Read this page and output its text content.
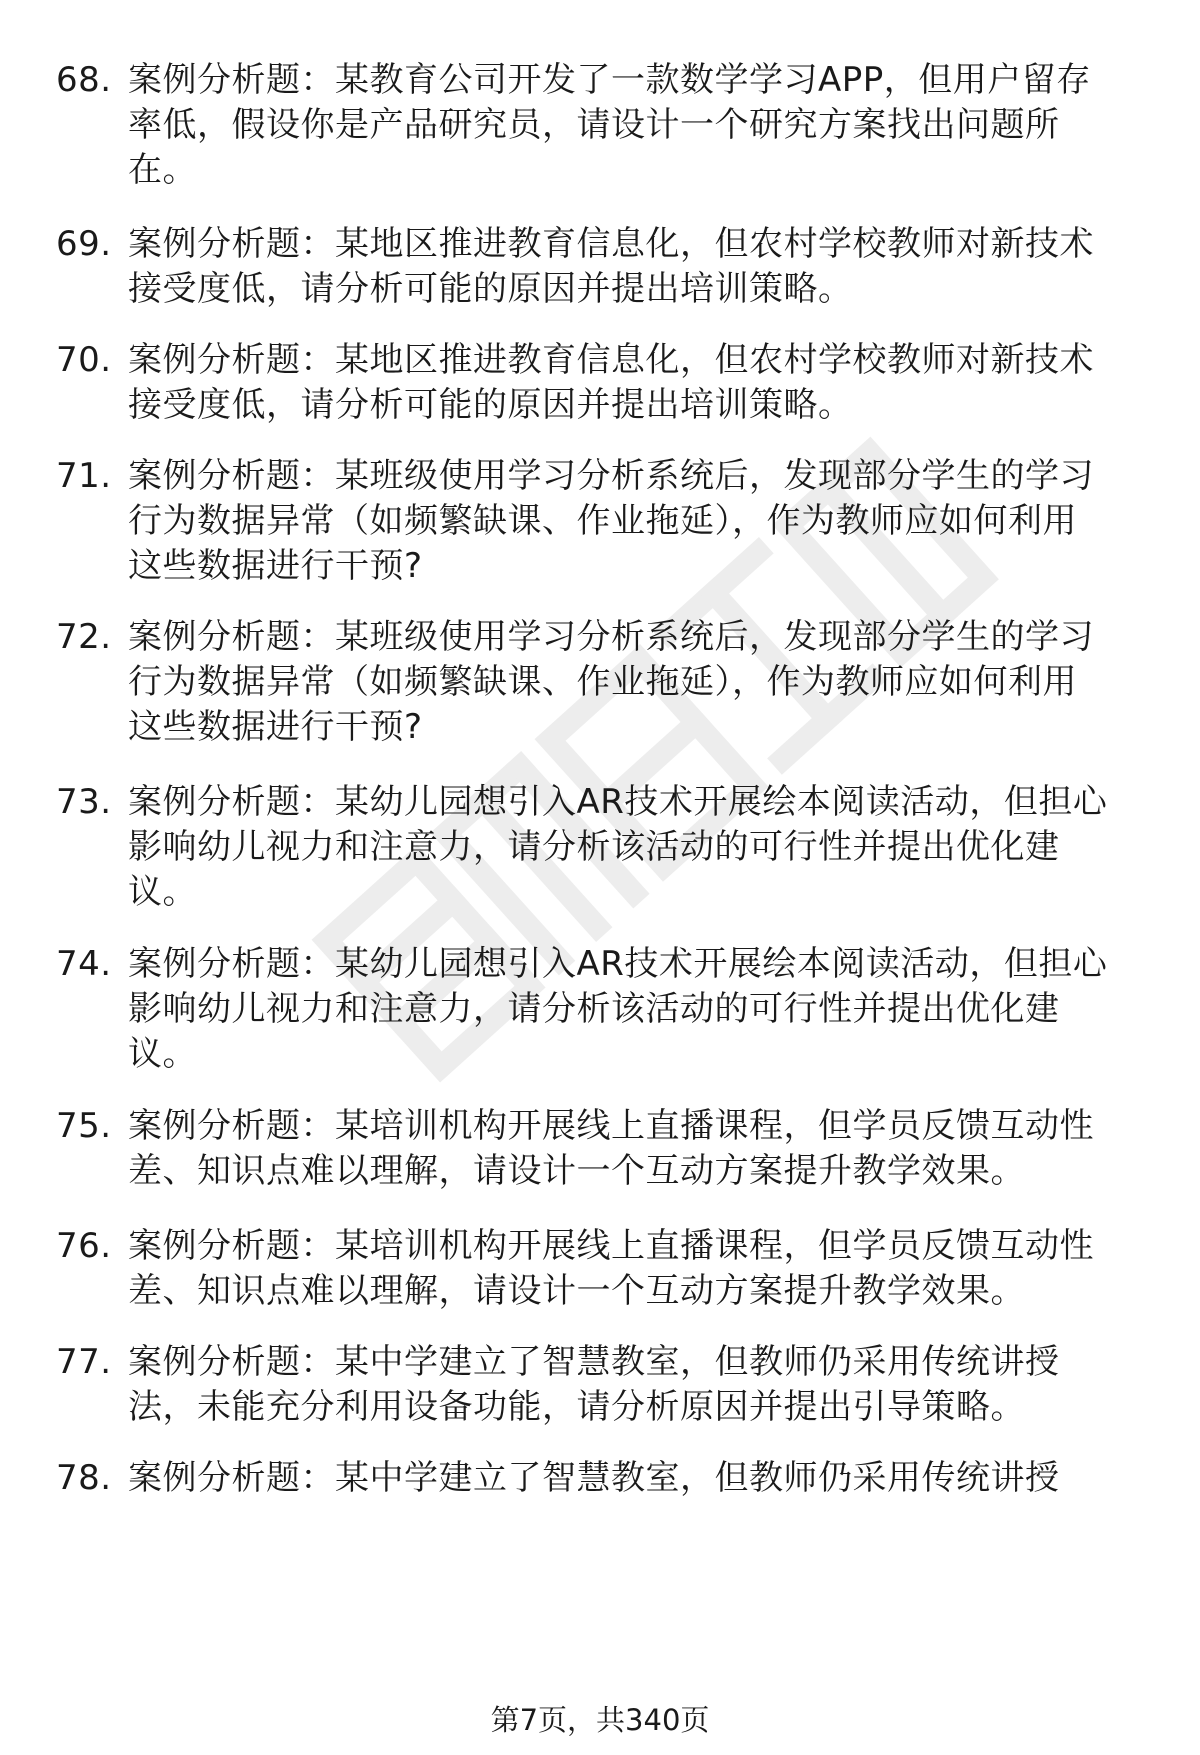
68. 案例分析题：某教育公司开发了一款数学学习APP，但用户留存
率低，假设你是产品研究员，请设计一个研究方案找出问题所
在。
69. 案例分析题：某地区推进教育信息化，但农村学校教师对新技术
接受度低，请分析可能的原因并提出培训策略。
70. 案例分析题：某地区推进教育信息化，但农村学校教师对新技术
接受度低，请分析可能的原因并提出培训策略。
71. 案例分析题：某班级使用学习分析系统后，发现部分学生的学习
行为数据异常（如频繁缺课、作业拖延），作为教师应如何利用
这些数据进行干预?
72. 案例分析题：某班级使用学习分析系统后，发现部分学生的学习
行为数据异常（如频繁缺课、作业拖延），作为教师应如何利用
这些数据进行干预?
73. 案例分析题：某幼儿园想引入AR技术开展绘本阅读活动，但担心
影响幼儿视力和注意力，请分析该活动的可行性并提出优化建
议。
74. 案例分析题：某幼儿园想引入AR技术开展绘本阅读活动，但担心
影响幼儿视力和注意力，请分析该活动的可行性并提出优化建
议。
75. 案例分析题：某培训机构开展线上直播课程，但学员反馈互动性
差、知识点难以理解，请设计一个互动方案提升教学效果。
76. 案例分析题：某培训机构开展线上直播课程，但学员反馈互动性
差、知识点难以理解，请设计一个互动方案提升教学效果。
77. 案例分析题：某中学建立了智慧教室，但教师仍采用传统讲授
法，未能充分利用设备功能，请分析原因并提出引导策略。
78. 案例分析题：某中学建立了智慧教室，但教师仍采用传统讲授
第7页，共340页
